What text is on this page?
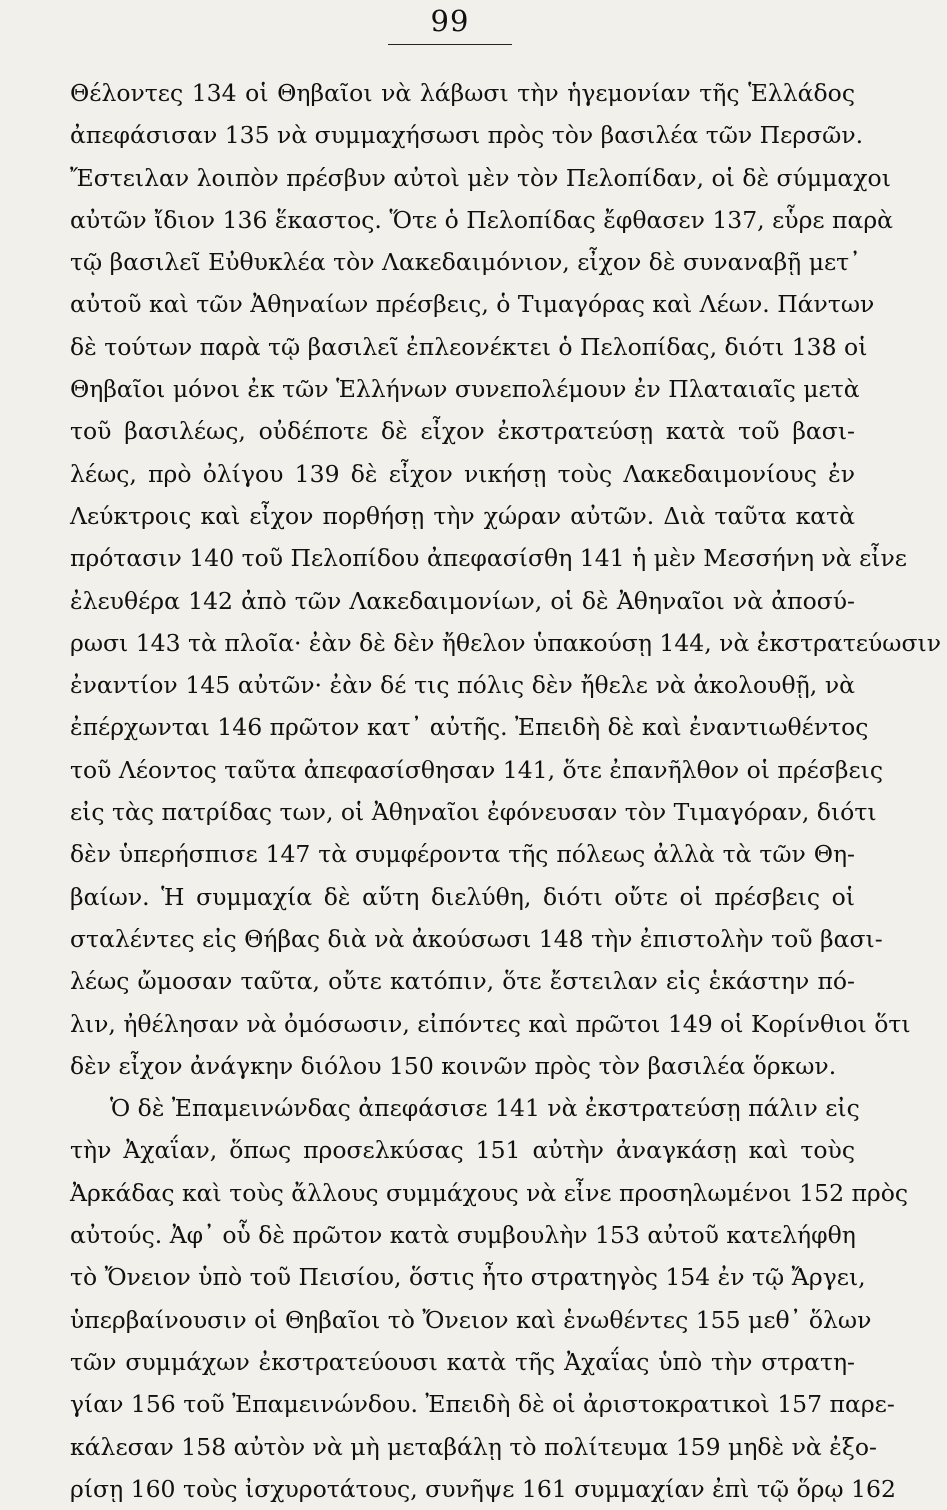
99
Θέλοντες 134 οἱ Θηβαῖοι νὰ λάβωσι τὴν ἡγεμονίαν τῆς Ἑλλάδος
ἀπεφάσισαν 135 νὰ συμμαχήσωσι πρὸς τὸν βασιλέα τῶν Περσῶν.
Ἔστειλαν λοιπὸν πρέσβυν αὐτοὶ μὲν τὸν Πελοπίδαν, οἱ δὲ σύμμαχοι
αὐτῶν ἴδιον 136 ἕκαστος. Ὅτε ὁ Πελοπίδας ἔφθασεν 137, εὗρε παρὰ
τῷ βασιλεῖ Εὐθυκλέα τὸν Λακεδαιμόνιον, εἶχον δὲ συναναβῇ μετ᾽
αὐτοῦ καὶ τῶν Ἀθηναίων πρέσβεις, ὁ Τιμαγόρας καὶ Λέων. Πάντων
δὲ τούτων παρὰ τῷ βασιλεῖ ἐπλεονέκτει ὁ Πελοπίδας, διότι 138 οἱ
Θηβαῖοι μόνοι ἐκ τῶν Ἑλλήνων συνεπολέμουν ἐν Πλαταιαῖς μετὰ
τοῦ βασιλέως, οὐδέποτε δὲ εἶχον ἐκστρατεύσῃ κατὰ τοῦ βασι-
λέως, πρὸ ὀλίγου 139 δὲ εἶχον νικήσῃ τοὺς Λακεδαιμονίους ἐν
Λεύκτροις καὶ εἶχον πορθήσῃ τὴν χώραν αὐτῶν. Διὰ ταῦτα κατὰ
πρότασιν 140 τοῦ Πελοπίδου ἀπεφασίσθη 141 ἡ μὲν Μεσσήνη νὰ εἶνε
ἐλευθέρα 142 ἀπὸ τῶν Λακεδαιμονίων, οἱ δὲ Ἀθηναῖοι νὰ ἀποσύ-
ρωσι 143 τὰ πλοῖα· ἐὰν δὲ δὲν ἤθελον ὑπακούσῃ 144, νὰ ἐκστρατεύωσιν
ἐναντίον 145 αὐτῶν· ἐὰν δέ τις πόλις δὲν ἤθελε νὰ ἀκολουθῇ, νὰ
ἐπέρχωνται 146 πρῶτον κατ᾽ αὐτῆς. Ἐπειδὴ δὲ καὶ ἐναντιωθέντος
τοῦ Λέοντος ταῦτα ἀπεφασίσθησαν 141, ὅτε ἐπανῆλθον οἱ πρέσβεις
εἰς τὰς πατρίδας των, οἱ Ἀθηναῖοι ἐφόνευσαν τὸν Τιμαγόραν, διότι
δὲν ὑπερήσπισε 147 τὰ συμφέροντα τῆς πόλεως ἀλλὰ τὰ τῶν Θη-
βαίων. Ἡ συμμαχία δὲ αὕτη διελύθη, διότι οὔτε οἱ πρέσβεις οἱ
σταλέντες εἰς Θήβας διὰ νὰ ἀκούσωσι 148 τὴν ἐπιστολὴν τοῦ βασι-
λέως ὤμοσαν ταῦτα, οὔτε κατόπιν, ὅτε ἔστειλαν εἰς ἑκάστην πό-
λιν, ἠθέλησαν νὰ ὀμόσωσιν, εἰπόντες καὶ πρῶτοι 149 οἱ Κορίνθιοι ὅτι
δὲν εἶχον ἀνάγκην διόλου 150 κοινῶν πρὸς τὸν βασιλέα ὅρκων.
Ὁ δὲ Ἐπαμεινώνδας ἀπεφάσισε 141 νὰ ἐκστρατεύσῃ πάλιν εἰς
τὴν Ἀχαΐαν, ὅπως προσελκύσας 151 αὐτὴν ἀναγκάσῃ καὶ τοὺς
Ἀρκάδας καὶ τοὺς ἄλλους συμμάχους νὰ εἶνε προσηλωμένοι 152 πρὸς
αὐτούς. Ἀφ᾽ οὗ δὲ πρῶτον κατὰ συμβουλὴν 153 αὐτοῦ κατελήφθη
τὸ Ὄνειον ὑπὸ τοῦ Πεισίου, ὅστις ἦτο στρατηγὸς 154 ἐν τῷ Ἄργει,
ὑπερβαίνουσιν οἱ Θηβαῖοι τὸ Ὄνειον καὶ ἑνωθέντες 155 μεθ᾽ ὅλων
τῶν συμμάχων ἐκστρατεύουσι κατὰ τῆς Ἀχαΐας ὑπὸ τὴν στρατη-
γίαν 156 τοῦ Ἐπαμεινώνδου. Ἐπειδὴ δὲ οἱ ἀριστοκρατικοὶ 157 παρε-
κάλεσαν 158 αὐτὸν νὰ μὴ μεταβάλῃ τὸ πολίτευμα 159 μηδὲ νὰ ἐξο-
ρίσῃ 160 τοὺς ἰσχυροτάτους, συνῆψε 161 συμμαχίαν ἐπὶ τῷ ὅρῳ 162
